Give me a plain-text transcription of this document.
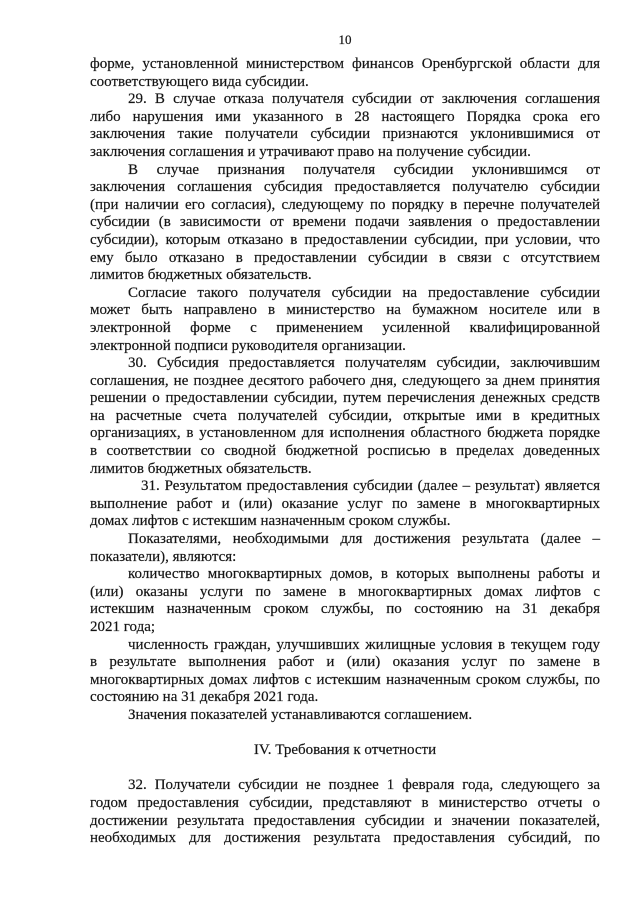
10
форме, установленной министерством финансов Оренбургской области для
соответствующего вида субсидии.
29. В случае отказа получателя субсидии от заключения соглашения
либо нарушения ими указанного в 28 настоящего Порядка срока его
заключения такие получатели субсидии признаются уклонившимися от
заключения соглашения и утрачивают право на получение субсидии.
В случае признания получателя субсидии уклонившимся от
заключения соглашения субсидия предоставляется получателю субсидии
(при наличии его согласия), следующему по порядку в перечне получателей
субсидии (в зависимости от времени подачи заявления о предоставлении
субсидии), которым отказано в предоставлении субсидии, при условии, что
ему было отказано в предоставлении субсидии в связи с отсутствием
лимитов бюджетных обязательств.
Согласие такого получателя субсидии на предоставление субсидии
может быть направлено в министерство на бумажном носителе или в
электронной форме с применением усиленной квалифицированной
электронной подписи руководителя организации.
30. Субсидия предоставляется получателям субсидии, заключившим
соглашения, не позднее десятого рабочего дня, следующего за днем принятия
решении о предоставлении субсидии, путем перечисления денежных средств
на расчетные счета получателей субсидии, открытые ими в кредитных
организациях, в установленном для исполнения областного бюджета порядке
в соответствии со сводной бюджетной росписью в пределах доведенных
лимитов бюджетных обязательств.
31. Результатом предоставления субсидии (далее – результат) является
выполнение работ и (или) оказание услуг по замене в многоквартирных
домах лифтов с истекшим назначенным сроком службы.
Показателями, необходимыми для достижения результата (далее –
показатели), являются:
количество многоквартирных домов, в которых выполнены работы и
(или) оказаны услуги по замене в многоквартирных домах лифтов с
истекшим назначенным сроком службы, по состоянию на 31 декабря
2021 года;
численность граждан, улучшивших жилищные условия в текущем году
в результате выполнения работ и (или) оказания услуг по замене в
многоквартирных домах лифтов с истекшим назначенным сроком службы, по
состоянию на 31 декабря 2021 года.
Значения показателей устанавливаются соглашением.
IV. Требования к отчетности
32. Получатели субсидии не позднее 1 февраля года, следующего за
годом предоставления субсидии, представляют в министерство отчеты о
достижении результата предоставления субсидии и значении показателей,
необходимых для достижения результата предоставления субсидий, по
